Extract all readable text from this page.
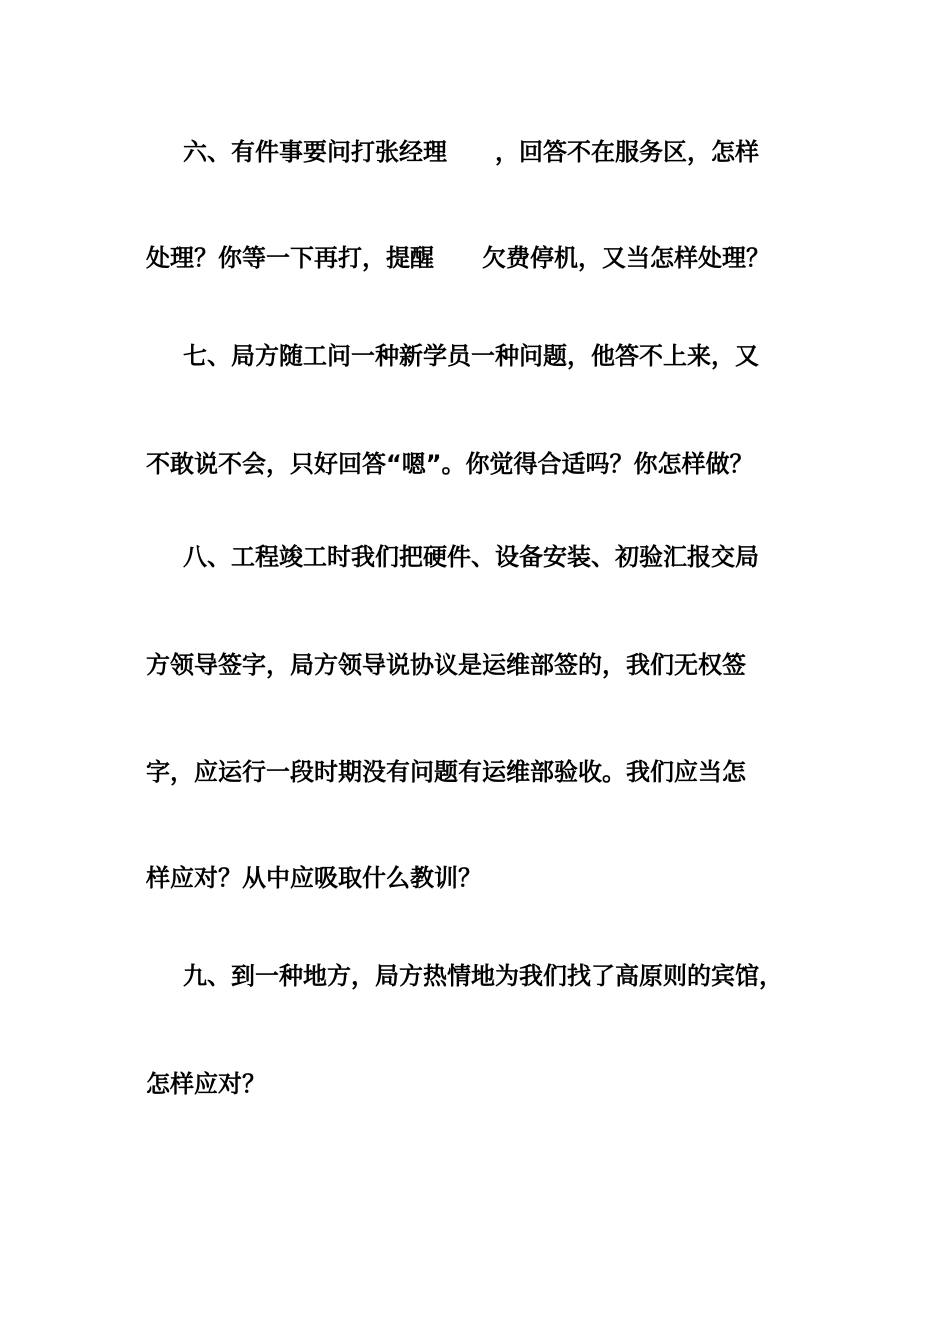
六、有件事要问打张经理　　，回答不在服务区，怎样
处理？你等一下再打，提醒　　欠费停机，又当怎样处理？
七、局方随工问一种新学员一种问题，他答不上来，又
不敢说不会，只好回答“嗯”。你觉得合适吗？你怎样做？
八、工程竣工时我们把硬件、设备安装、初验汇报交局
方领导签字，局方领导说协议是运维部签的，我们无权签
字，应运行一段时期没有问题有运维部验收。我们应当怎
样应对？从中应吸取什么教训？
九、到一种地方，局方热情地为我们找了高原则的宾馆，
怎样应对？
